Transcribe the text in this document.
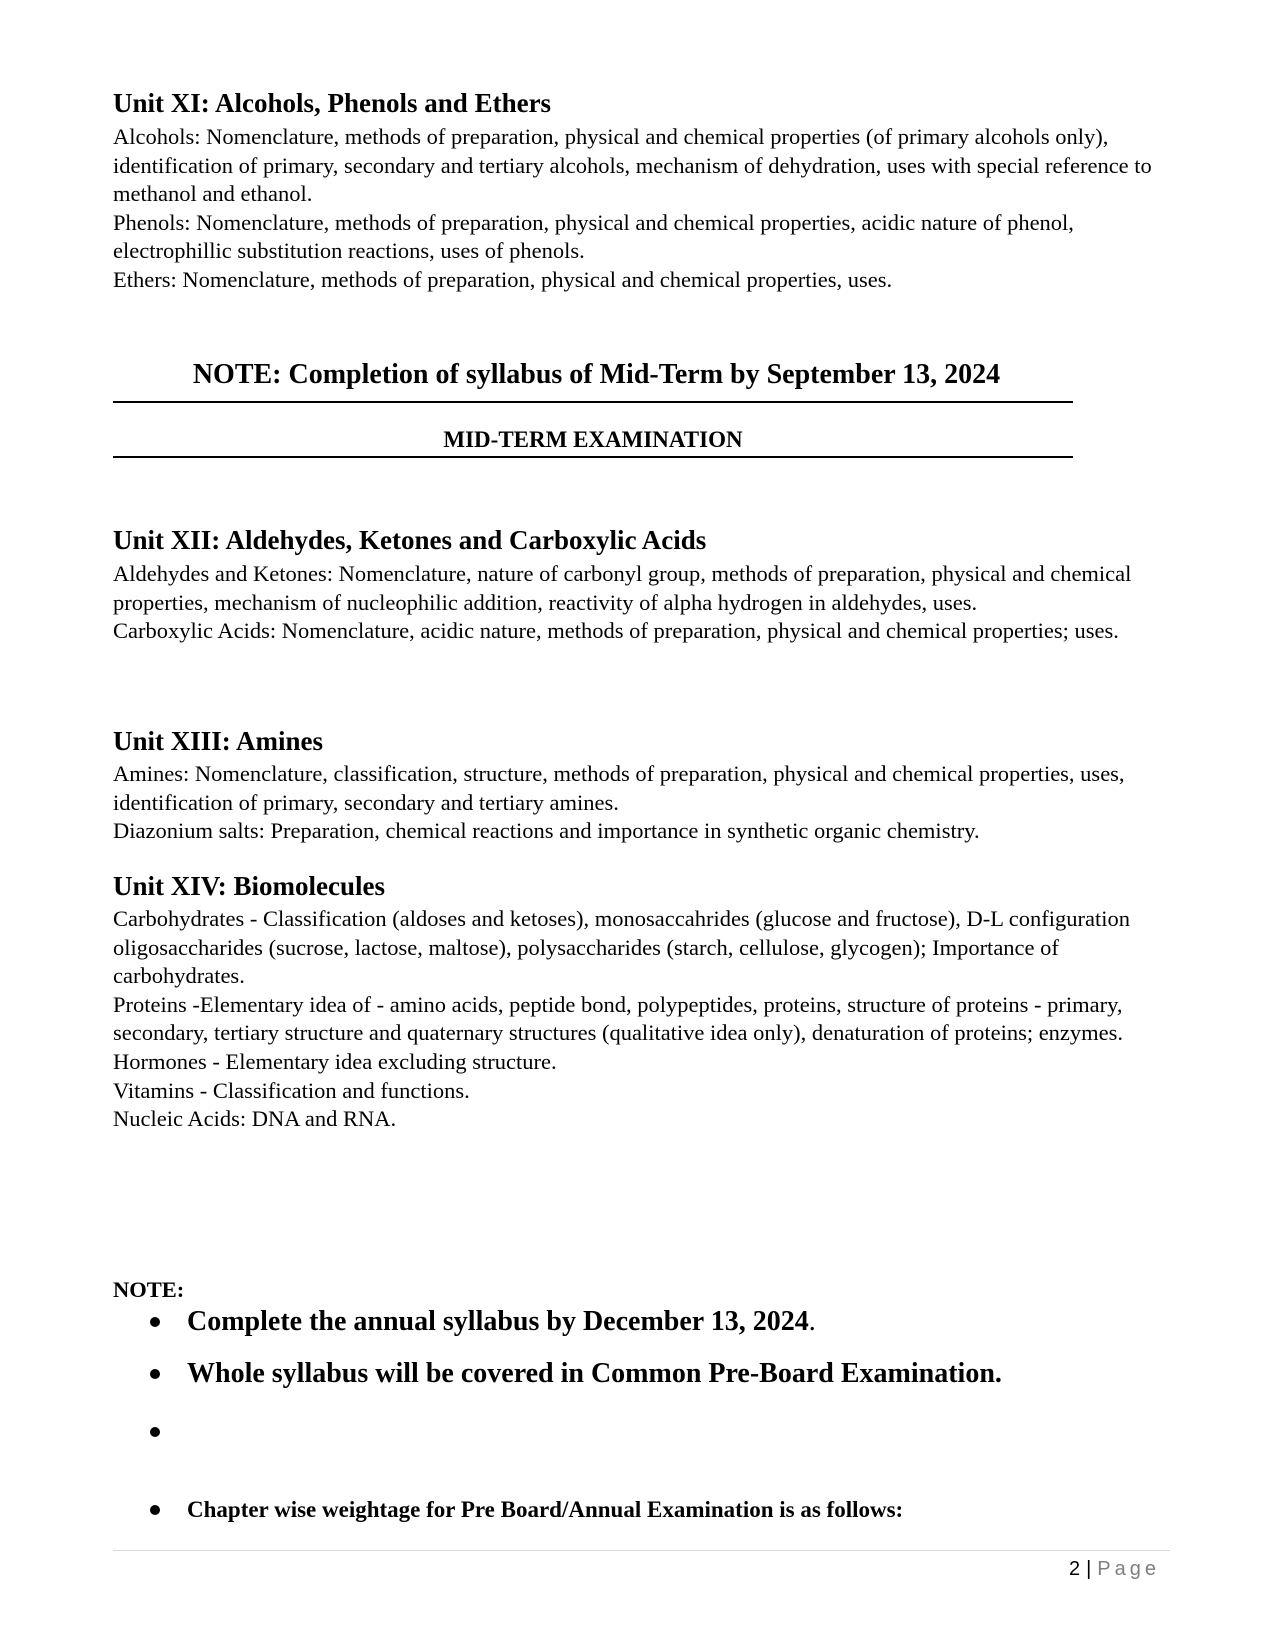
Unit XI: Alcohols, Phenols and Ethers

Alcohols: Nomenclature, methods of preparation, physical and chemical properties (of primary alcohols only), identification of primary, secondary and tertiary alcohols, mechanism of dehydration, uses with special reference to methanol and ethanol.

Phenols: Nomenclature, methods of preparation, physical and chemical properties, acidic nature of phenol, electrophillic substitution reactions, uses of phenols.

Ethers: Nomenclature, methods of preparation, physical and chemical properties, uses.

NOTE: Completion of syllabus of Mid-Term by September 13, 2024
MID-TERM EXAMINATION
Unit XII: Aldehydes, Ketones and Carboxylic Acids

Aldehydes and Ketones: Nomenclature, nature of carbonyl group, methods of preparation, physical and chemical properties, mechanism of nucleophilic addition, reactivity of alpha hydrogen in aldehydes, uses.

Carboxylic Acids: Nomenclature, acidic nature, methods of preparation, physical and chemical properties; uses.

Unit XIII: Amines

Amines: Nomenclature, classification, structure, methods of preparation, physical and chemical properties, uses, identification of primary, secondary and tertiary amines.

Diazonium salts: Preparation, chemical reactions and importance in synthetic organic chemistry.

Unit XIV: Biomolecules

Carbohydrates - Classification (aldoses and ketoses), monosaccahrides (glucose and fructose), D-L configuration oligosaccharides (sucrose, lactose, maltose), polysaccharides (starch, cellulose, glycogen); Importance of carbohydrates.

Proteins -Elementary idea of - amino acids, peptide bond, polypeptides, proteins, structure of proteins - primary, secondary, tertiary structure and quaternary structures (qualitative idea only), denaturation of proteins; enzymes.

Hormones - Elementary idea excluding structure.

Vitamins - Classification and functions.

Nucleic Acids: DNA and RNA.

NOTE:
Complete the annual syllabus by December 13, 2024.
Whole syllabus will be covered in Common Pre-Board Examination.
Chapter wise weightage for Pre Board/Annual Examination is as follows:
2 | Page
